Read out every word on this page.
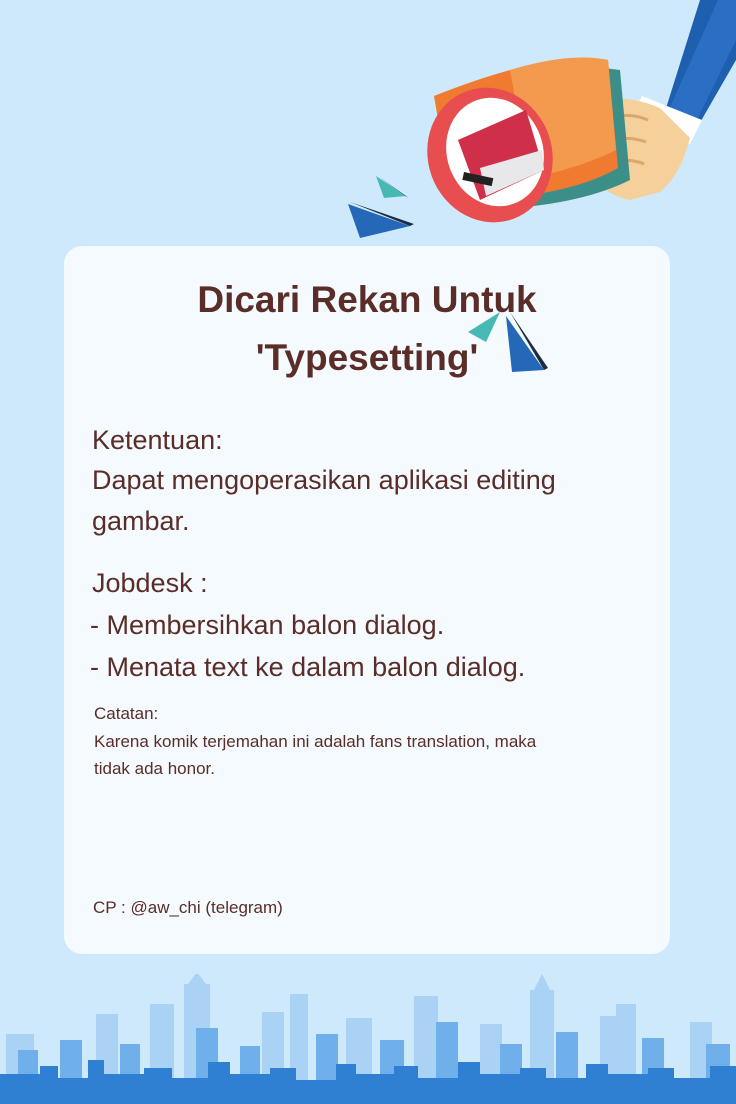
Dicari Rekan Untuk
'Typesetting'
Ketentuan:
Dapat mengoperasikan aplikasi editing
gambar.
Jobdesk :
- Membersihkan balon dialog.
- Menata text ke dalam balon dialog.
Catatan:
Karena komik terjemahan ini adalah fans translation, maka
tidak ada honor.
CP : @aw_chi (telegram)
